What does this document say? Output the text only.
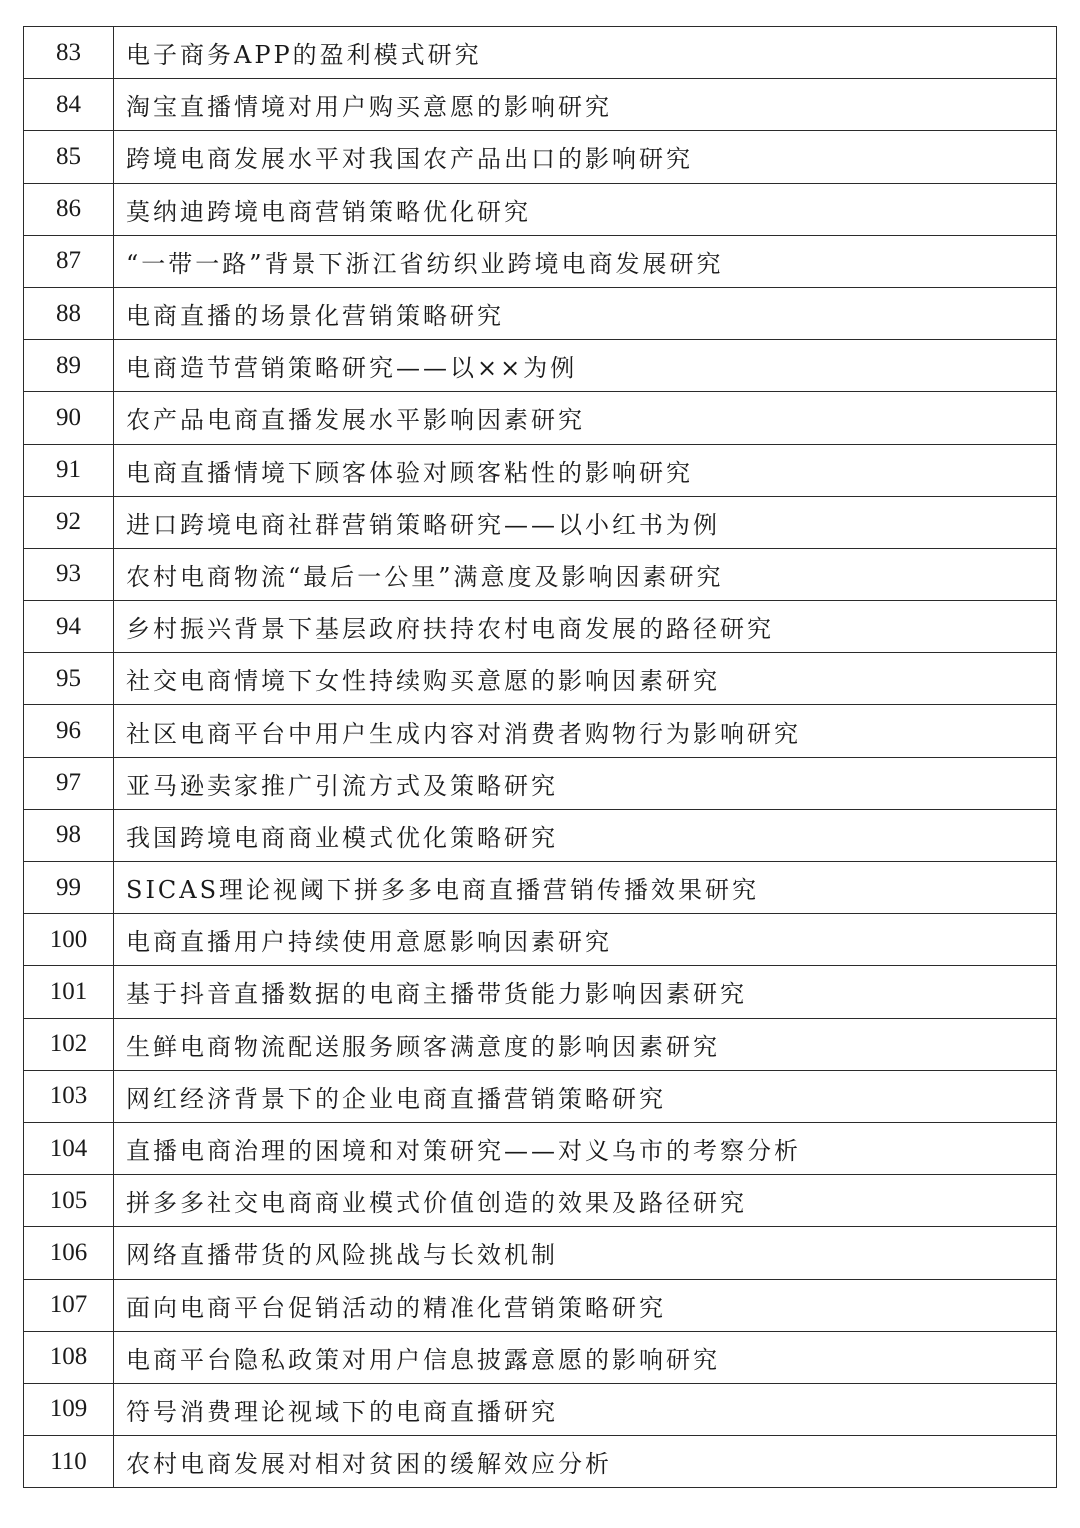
83	电子商务APP的盈利模式研究
84	淘宝直播情境对用户购买意愿的影响研究
85	跨境电商发展水平对我国农产品出口的影响研究
86	莫纳迪跨境电商营销策略优化研究
87	“一带一路”背景下浙江省纺织业跨境电商发展研究
88	电商直播的场景化营销策略研究
89	电商造节营销策略研究——以××为例
90	农产品电商直播发展水平影响因素研究
91	电商直播情境下顾客体验对顾客粘性的影响研究
92	进口跨境电商社群营销策略研究——以小红书为例
93	农村电商物流“最后一公里”满意度及影响因素研究
94	乡村振兴背景下基层政府扶持农村电商发展的路径研究
95	社交电商情境下女性持续购买意愿的影响因素研究
96	社区电商平台中用户生成内容对消费者购物行为影响研究
97	亚马逊卖家推广引流方式及策略研究
98	我国跨境电商商业模式优化策略研究
99	SICAS理论视阈下拼多多电商直播营销传播效果研究
100	电商直播用户持续使用意愿影响因素研究
101	基于抖音直播数据的电商主播带货能力影响因素研究
102	生鲜电商物流配送服务顾客满意度的影响因素研究
103	网红经济背景下的企业电商直播营销策略研究
104	直播电商治理的困境和对策研究——对义乌市的考察分析
105	拼多多社交电商商业模式价值创造的效果及路径研究
106	网络直播带货的风险挑战与长效机制
107	面向电商平台促销活动的精准化营销策略研究
108	电商平台隐私政策对用户信息披露意愿的影响研究
109	符号消费理论视域下的电商直播研究
110	农村电商发展对相对贫困的缓解效应分析
